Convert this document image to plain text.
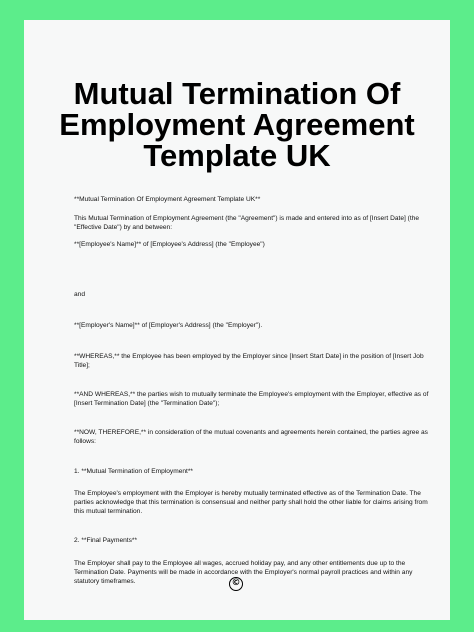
Mutual Termination Of
Employment Agreement
Template UK

**Mutual Termination Of Employment Agreement Template UK**

This Mutual Termination of Employment Agreement (the "Agreement") is made and entered into as of [Insert Date] (the "Effective Date") by and between:

**[Employee's Name]** of [Employee's Address] (the "Employee")

and

**[Employer's Name]** of [Employer's Address] (the "Employer").

**WHEREAS,** the Employee has been employed by the Employer since [Insert Start Date] in the position of [Insert Job Title];

**AND WHEREAS,** the parties wish to mutually terminate the Employee's employment with the Employer, effective as of [Insert Termination Date] (the "Termination Date");

**NOW, THEREFORE,** in consideration of the mutual covenants and agreements herein contained, the parties agree as follows:

1. **Mutual Termination of Employment**

The Employee's employment with the Employer is hereby mutually terminated effective as of the Termination Date. The parties acknowledge that this termination is consensual and neither party shall hold the other liable for claims arising from this mutual termination.

2. **Final Payments**

The Employer shall pay to the Employee all wages, accrued holiday pay, and any other entitlements due up to the Termination Date. Payments will be made in accordance with the Employer's normal payroll practices and within any statutory timeframes.	©
